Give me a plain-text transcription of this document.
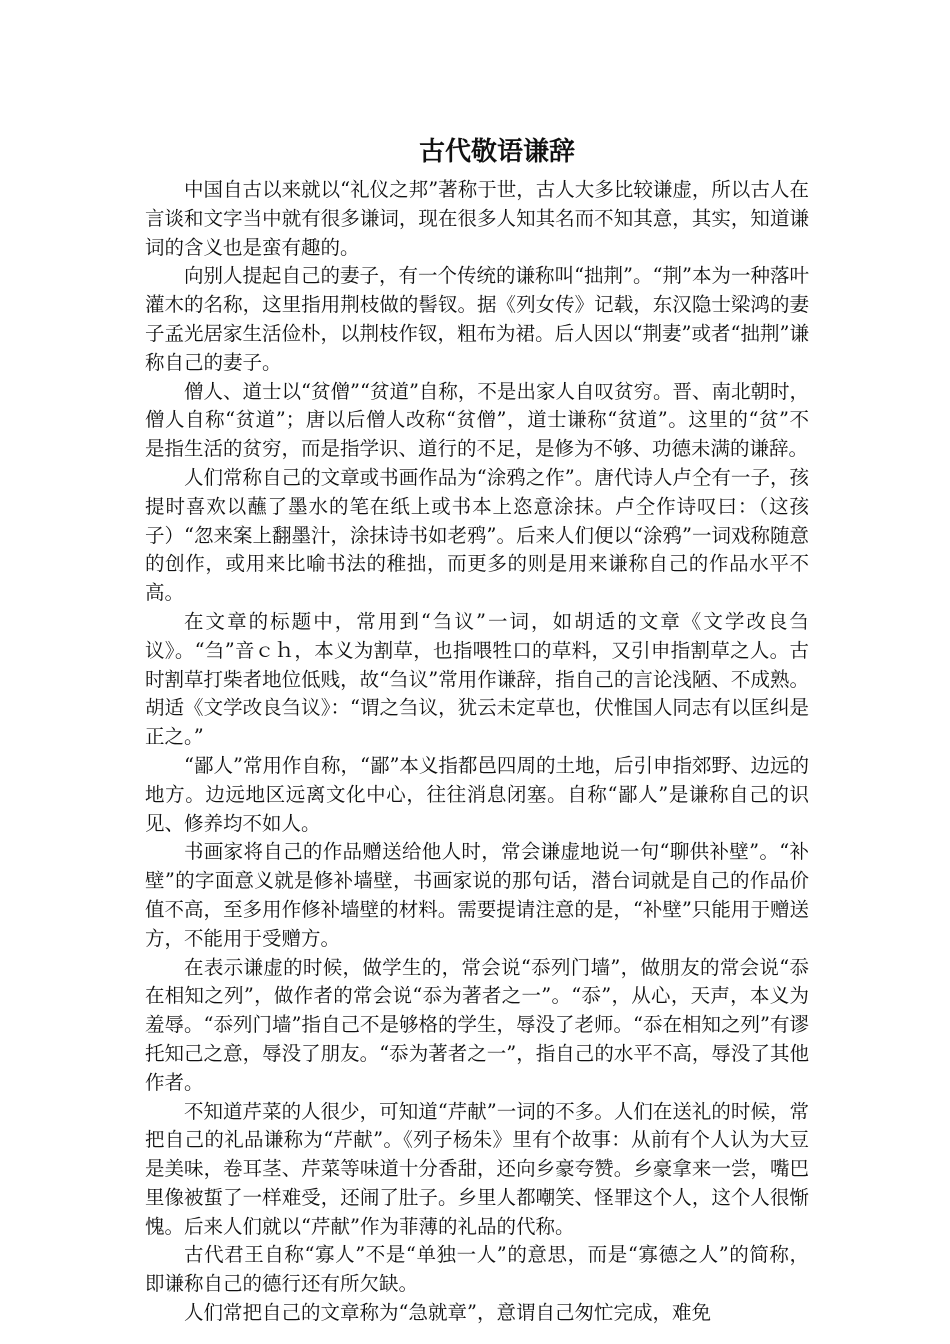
古代敬语谦辞

中国自古以来就以“礼仪之邦”著称于世，古人大多比较谦虚，所以古人在言谈和文字当中就有很多谦词，现在很多人知其名而不知其意，其实，知道谦词的含义也是蛮有趣的。

向别人提起自己的妻子，有一个传统的谦称叫“拙荆”。“荆”本为一种落叶灌木的名称，这里指用荆枝做的髻钗。据《列女传》记载，东汉隐士梁鸿的妻子孟光居家生活俭朴，以荆枝作钗，粗布为裙。后人因以“荆妻”或者“拙荆”谦称自己的妻子。

僧人、道士以“贫僧”“贫道”自称，不是出家人自叹贫穷。晋、南北朝时，僧人自称“贫道”；唐以后僧人改称“贫僧”，道士谦称“贫道”。这里的“贫”不是指生活的贫穷，而是指学识、道行的不足，是修为不够、功德未满的谦辞。

人们常称自己的文章或书画作品为“涂鸦之作”。唐代诗人卢仝有一子，孩提时喜欢以蘸了墨水的笔在纸上或书本上恣意涂抹。卢仝作诗叹曰：（这孩子）“忽来案上翻墨汁，涂抹诗书如老鸦”。后来人们便以“涂鸦”一词戏称随意的创作，或用来比喻书法的稚拙，而更多的则是用来谦称自己的作品水平不高。

在文章的标题中，常用到“刍议”一词，如胡适的文章《文学改良刍议》。“刍”音ｃｈ，本义为割草，也指喂牲口的草料，又引申指割草之人。古时割草打柴者地位低贱，故“刍议”常用作谦辞，指自己的言论浅陋、不成熟。胡适《文学改良刍议》：“谓之刍议，犹云未定草也，伏惟国人同志有以匡纠是正之。”

“鄙人”常用作自称，“鄙”本义指都邑四周的土地，后引申指郊野、边远的地方。边远地区远离文化中心，往往消息闭塞。自称“鄙人”是谦称自己的识见、修养均不如人。

书画家将自己的作品赠送给他人时，常会谦虚地说一句“聊供补壁”。“补壁”的字面意义就是修补墙壁，书画家说的那句话，潜台词就是自己的作品价值不高，至多用作修补墙壁的材料。需要提请注意的是，“补壁”只能用于赠送方，不能用于受赠方。

在表示谦虚的时候，做学生的，常会说“忝列门墙”，做朋友的常会说“忝在相知之列”，做作者的常会说“忝为著者之一”。“忝”，从心，天声，本义为羞辱。“忝列门墙”指自己不是够格的学生，辱没了老师。“忝在相知之列”有谬托知己之意，辱没了朋友。“忝为著者之一”，指自己的水平不高，辱没了其他作者。

不知道芹菜的人很少，可知道“芹献”一词的不多。人们在送礼的时候，常把自己的礼品谦称为“芹献”。《列子杨朱》里有个故事：从前有个人认为大豆是美味，卷耳茎、芹菜等味道十分香甜，还向乡豪夸赞。乡豪拿来一尝，嘴巴里像被蜇了一样难受，还闹了肚子。乡里人都嘲笑、怪罪这个人，这个人很惭愧。后来人们就以“芹献”作为菲薄的礼品的代称。

古代君王自称“寡人”不是“单独一人”的意思，而是“寡德之人”的简称，即谦称自己的德行还有所欠缺。

人们常把自己的文章称为“急就章”，意谓自己匆忙完成，难免
